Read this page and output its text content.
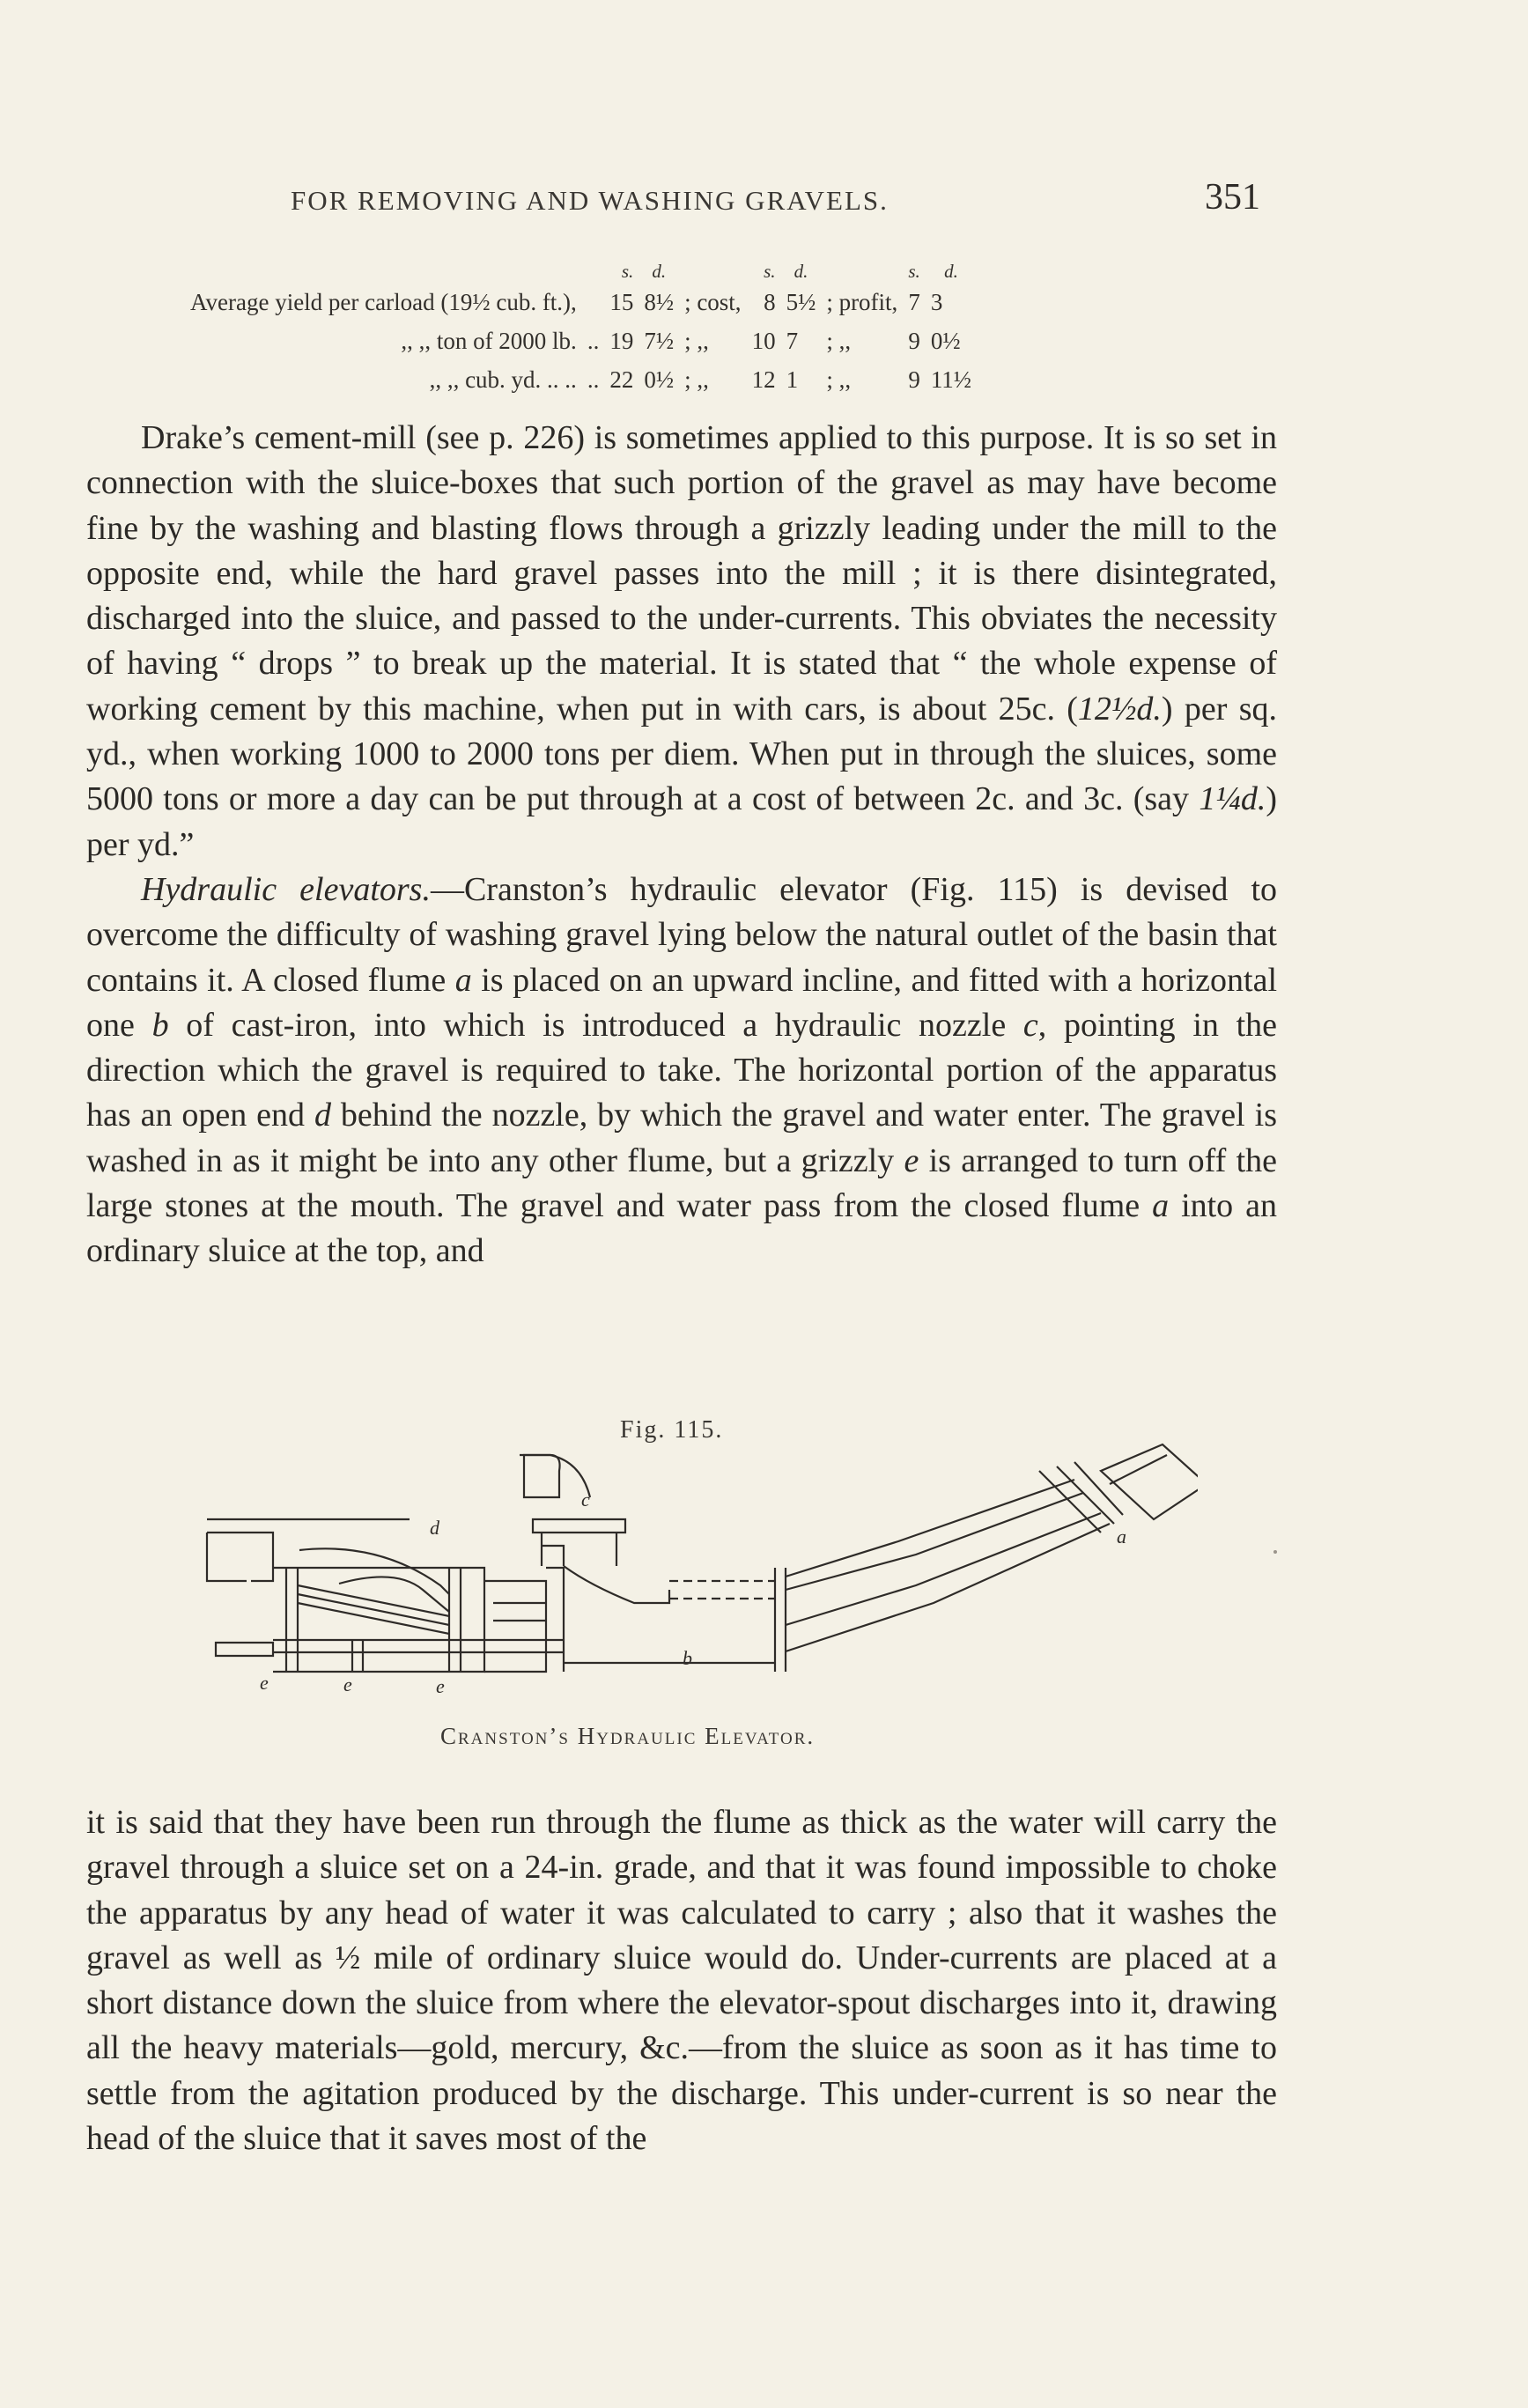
FOR REMOVING AND WASHING GRAVELS.	351
		s.	d.		s.	d.		s.	d.
Average yield per carload (19½ cub. ft.),		15	8½	; cost,	8	5½	; profit,	7	3
,, ,, ton of 2000 lb.	..	19	7½	; ,,	10	7	; ,,	9	0½
,, ,, cub. yd. .. ..	..	22	0½	; ,,	12	1	; ,,	9	11½

Drake’s cement-mill (see p. 226) is sometimes applied to this purpose. It is so set in connection with the sluice-boxes that such portion of the gravel as may have become fine by the washing and blasting flows through a grizzly leading under the mill to the opposite end, while the hard gravel passes into the mill ; it is there disintegrated, discharged into the sluice, and passed to the under-currents. This obviates the necessity of having “ drops ” to break up the material. It is stated that “ the whole expense of working cement by this machine, when put in with cars, is about 25c. (12½d.) per sq. yd., when working 1000 to 2000 tons per diem. When put in through the sluices, some 5000 tons or more a day can be put through at a cost of between 2c. and 3c. (say 1¼d.) per yd.”

Hydraulic elevators.—Cranston’s hydraulic elevator (Fig. 115) is devised to overcome the difficulty of washing gravel lying below the natural outlet of the basin that contains it. A closed flume a is placed on an upward incline, and fitted with a horizontal one b of cast-iron, into which is introduced a hydraulic nozzle c, pointing in the direction which the gravel is required to take. The horizontal portion of the apparatus has an open end d behind the nozzle, by which the gravel and water enter. The gravel is washed in as it might be into any other flume, but a grizzly e is arranged to turn off the large stones at the mouth. The gravel and water pass from the closed flume a into an ordinary sluice at the top, and

Fig. 115.
c
d	a
b
e	e	e
Cranston’s Hydraulic Elevator.

it is said that they have been run through the flume as thick as the water will carry the gravel through a sluice set on a 24-in. grade, and that it was found impossible to choke the apparatus by any head of water it was calculated to carry ; also that it washes the gravel as well as ½ mile of ordinary sluice would do. Under-currents are placed at a short distance down the sluice from where the elevator-spout discharges into it, drawing all the heavy materials—gold, mercury, &c.—from the sluice as soon as it has time to settle from the agitation produced by the discharge. This under-current is so near the head of the sluice that it saves most of the
